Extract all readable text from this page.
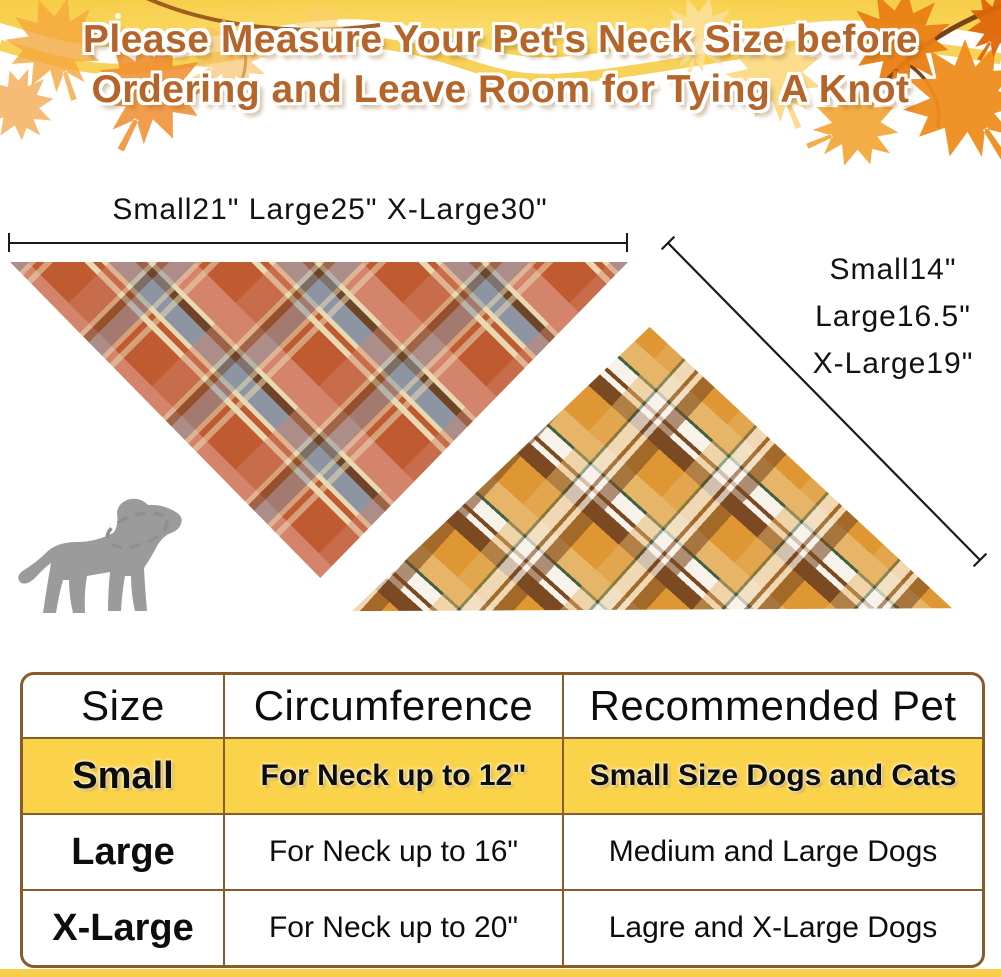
Please Measure Your Pet's Neck Size before
Ordering and Leave Room for Tying A Knot
Small21" Large25" X-Large30"
Small14"
Large16.5"
X-Large19"
Size	Circumference	Recommended Pet
Small	For Neck up to 12"	Small Size Dogs and Cats
Large	For Neck up to 16"	Medium and Large Dogs
X-Large	For Neck up to 20"	Lagre and X-Large Dogs
